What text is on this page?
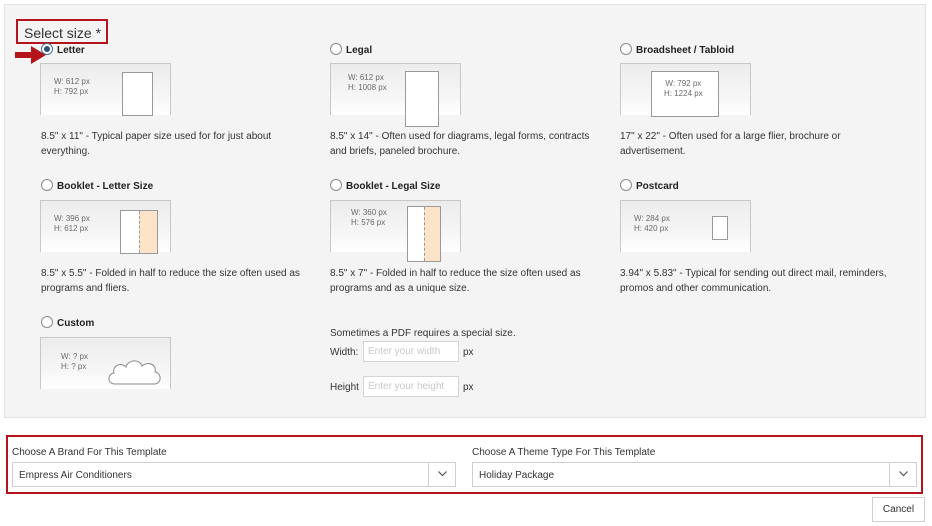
Select size *
Letter
W: 612 px
H: 792 px
8.5" x 11" - Typical paper size used for for just about everything.
Legal
W: 612 px
H: 1008 px
8.5" x 14" - Often used for diagrams, legal forms, contracts and briefs, paneled brochure.
Broadsheet / Tabloid
W: 792 px
H: 1224 px
17" x 22" - Often used for a large flier, brochure or advertisement.
Booklet - Letter Size
W: 396 px
H: 612 px
8.5" x 5.5" - Folded in half to reduce the size often used as programs and fliers.
Booklet - Legal Size
W: 360 px
H: 576 px
8.5" x 7" - Folded in half to reduce the size often used as programs and as a unique size.
Postcard
W: 284 px
H: 420 px
3.94" x 5.83" - Typical for sending out direct mail, reminders, promos and other communication.
Custom
W: ? px
H: ? px
Sometimes a PDF requires a special size.
Width:
Enter your width	px
Height
Enter your height	px
Choose A Brand For This Template
Empress Air Conditioners
Choose A Theme Type For This Template
Holiday Package
Cancel
